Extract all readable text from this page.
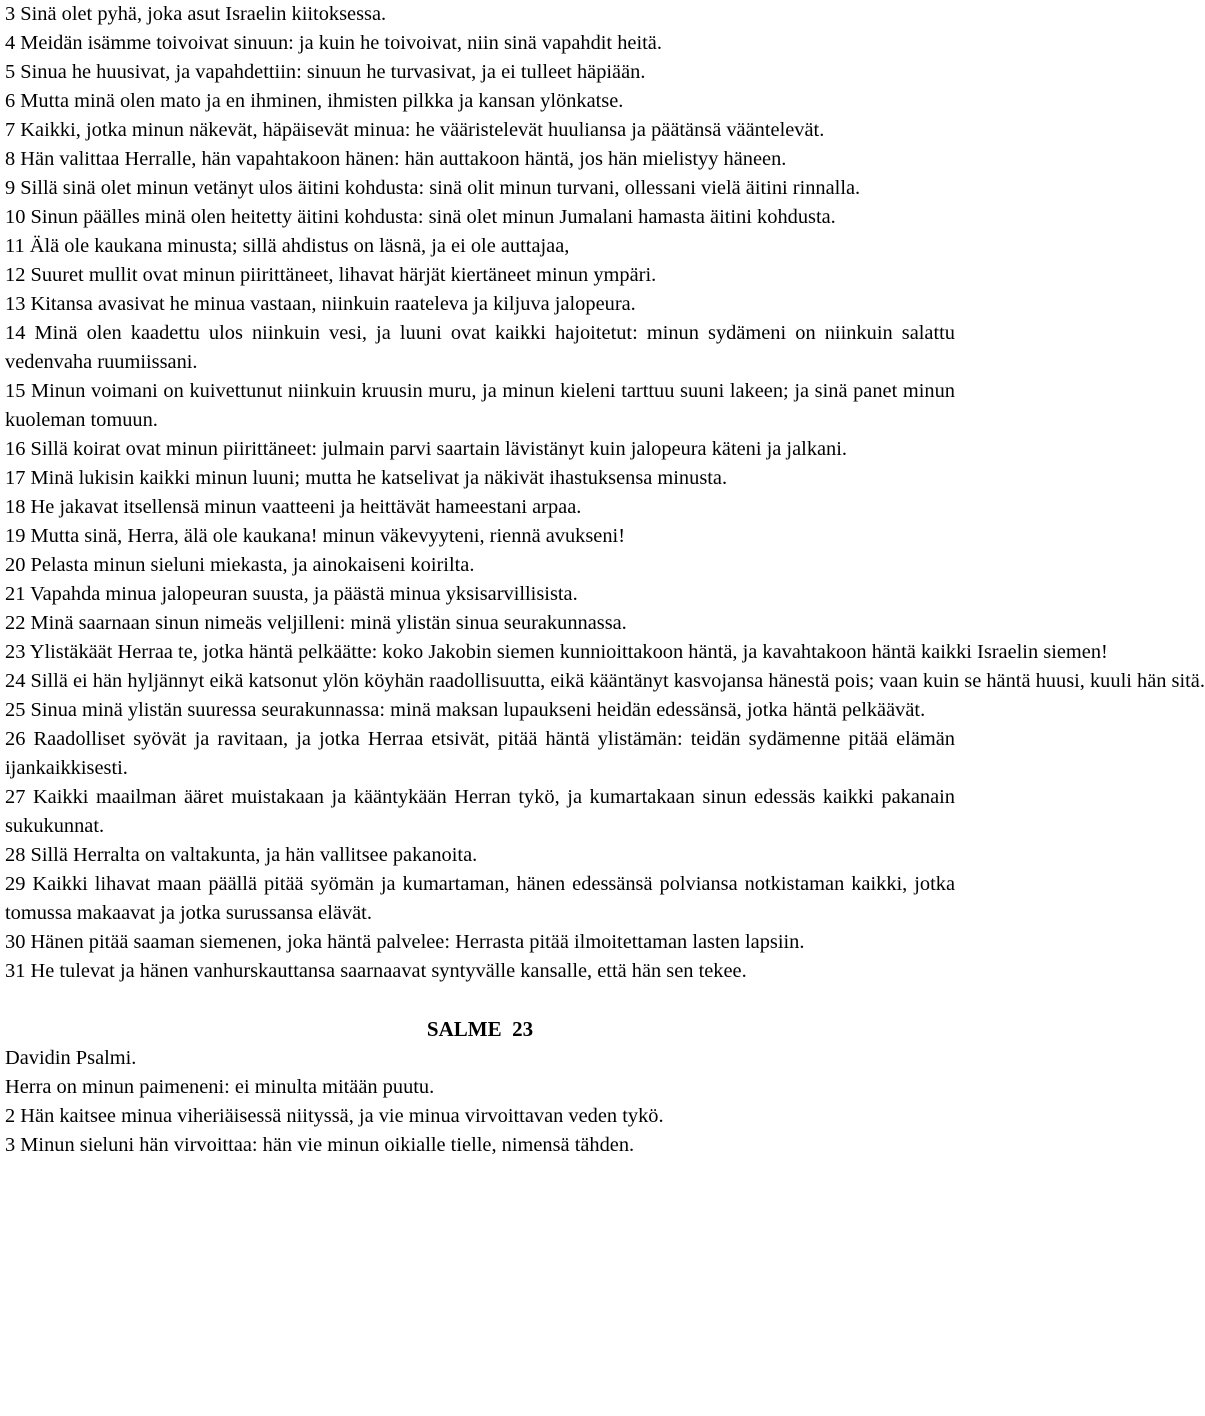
3 Sinä olet pyhä, joka asut Israelin kiitoksessa.

4 Meidän isämme toivoivat sinuun: ja kuin he toivoivat, niin sinä vapahdit heitä.

5 Sinua he huusivat, ja vapahdettiin: sinuun he turvasivat, ja ei tulleet häpiään.

6 Mutta minä olen mato ja en ihminen, ihmisten pilkka ja kansan ylönkatse.

7 Kaikki, jotka minun näkevät, häpäisevät minua: he vääristelevät huuliansa ja päätänsä vääntelevät.

8 Hän valittaa Herralle, hän vapahtakoon hänen: hän auttakoon häntä, jos hän mielistyy häneen.

9 Sillä sinä olet minun vetänyt ulos äitini kohdusta: sinä olit minun turvani, ollessani vielä äitini rinnalla.

10 Sinun päälles minä olen heitetty äitini kohdusta: sinä olet minun Jumalani hamasta äitini kohdusta.

11 Älä ole kaukana minusta; sillä ahdistus on läsnä, ja ei ole auttajaa,

12 Suuret mullit ovat minun piirittäneet, lihavat härjät kiertäneet minun ympäri.

13 Kitansa avasivat he minua vastaan, niinkuin raateleva ja kiljuva jalopeura.

14 Minä olen kaadettu ulos niinkuin vesi, ja luuni ovat kaikki hajoitetut: minun sydämeni on niinkuin salattu vedenvaha ruumiissani.

15 Minun voimani on kuivettunut niinkuin kruusin muru, ja minun kieleni tarttuu suuni lakeen; ja sinä panet minun kuoleman tomuun.

16 Sillä koirat ovat minun piirittäneet: julmain parvi saartain lävistänyt kuin jalopeura käteni ja jalkani.

17 Minä lukisin kaikki minun luuni; mutta he katselivat ja näkivät ihastuksensa minusta.

18 He jakavat itsellensä minun vaatteeni ja heittävät hameestani arpaa.

19 Mutta sinä, Herra, älä ole kaukana! minun väkevyyteni, riennä avukseni!

20 Pelasta minun sieluni miekasta, ja ainokaiseni koirilta.

21 Vapahda minua jalopeuran suusta, ja päästä minua yksisarvillisista.

22 Minä saarnaan sinun nimeäs veljilleni: minä ylistän sinua seurakunnassa.

23 Ylistäkäät Herraa te, jotka häntä pelkäätte: koko Jakobin siemen kunnioittakoon häntä, ja kavahtakoon häntä kaikki Israelin siemen!

24 Sillä ei hän hyljännyt eikä katsonut ylön köyhän raadollisuutta, eikä kääntänyt kasvojansa hänestä pois; vaan kuin se häntä huusi, kuuli hän sitä.

25 Sinua minä ylistän suuressa seurakunnassa: minä maksan lupaukseni heidän edessänsä, jotka häntä pelkäävät.

26 Raadolliset syövät ja ravitaan, ja jotka Herraa etsivät, pitää häntä ylistämän: teidän sydämenne pitää elämän ijankaikkisesti.

27 Kaikki maailman ääret muistakaan ja kääntykään Herran tykö, ja kumartakaan sinun edessäs kaikki pakanain sukukunnat.

28 Sillä Herralta on valtakunta, ja hän vallitsee pakanoita.

29 Kaikki lihavat maan päällä pitää syömän ja kumartaman, hänen edessänsä polviansa notkistaman kaikki, jotka tomussa makaavat ja jotka surussansa elävät.

30 Hänen pitää saaman siemenen, joka häntä palvelee: Herrasta pitää ilmoitettaman lasten lapsiin.

31 He tulevat ja hänen vanhurskauttansa saarnaavat syntyvälle kansalle, että hän sen tekee.

SALME  23

Davidin Psalmi.

Herra on minun paimeneni: ei minulta mitään puutu.

2 Hän kaitsee minua viheriäisessä niityssä, ja vie minua virvoittavan veden tykö.

3 Minun sieluni hän virvoittaa: hän vie minun oikialle tielle, nimensä tähden.
